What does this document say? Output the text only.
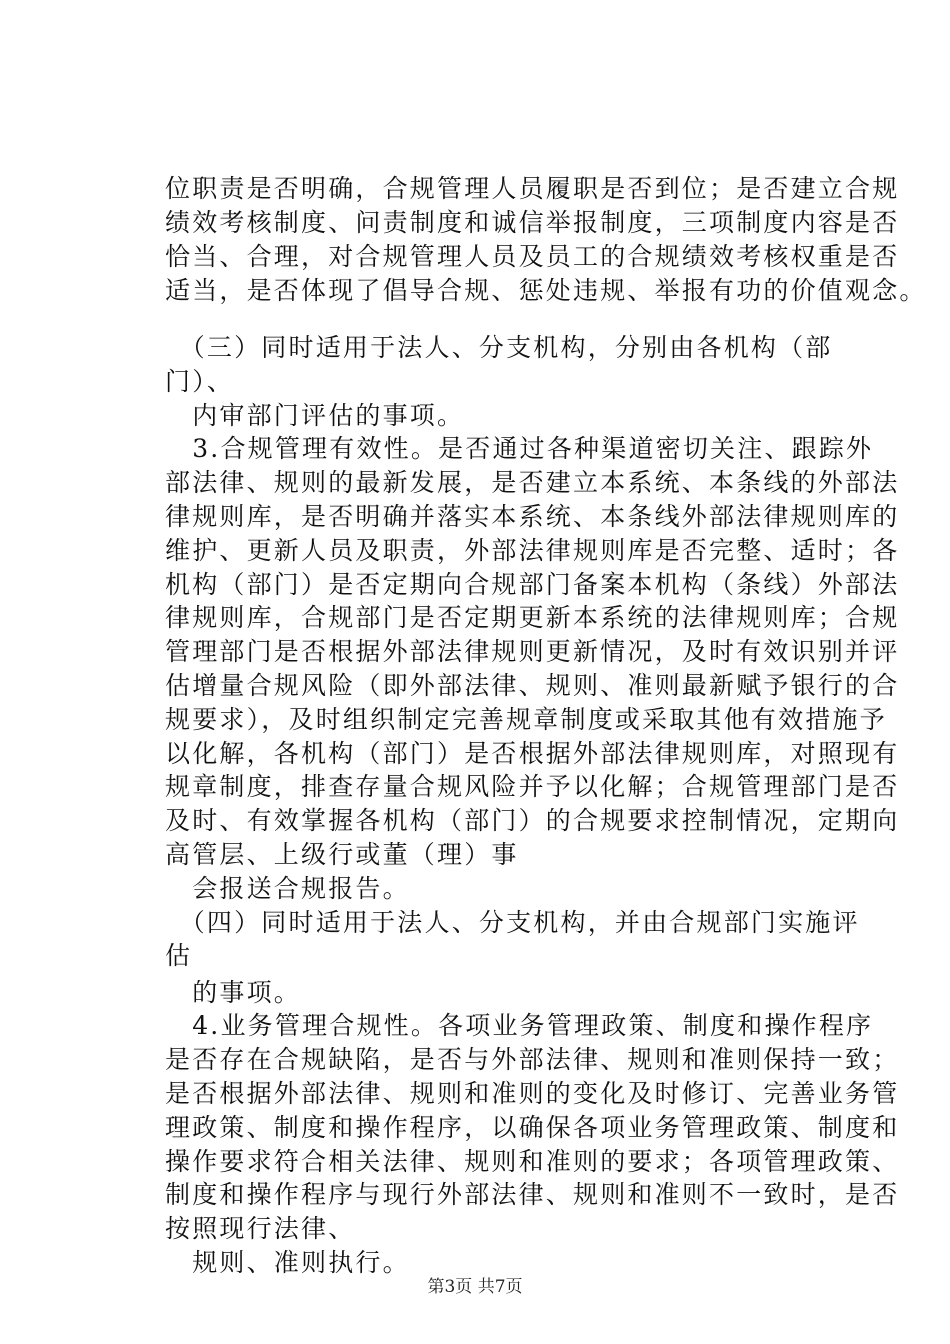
位职责是否明确，合规管理人员履职是否到位；是否建立合规
绩效考核制度、问责制度和诚信举报制度，三项制度内容是否
恰当、合理，对合规管理人员及员工的合规绩效考核权重是否
适当，是否体现了倡导合规、惩处违规、举报有功的价值观念。
　（三）同时适用于法人、分支机构，分别由各机构（部
门）、
　内审部门评估的事项。
　3.合规管理有效性。是否通过各种渠道密切关注、跟踪外
部法律、规则的最新发展，是否建立本系统、本条线的外部法
律规则库，是否明确并落实本系统、本条线外部法律规则库的
维护、更新人员及职责，外部法律规则库是否完整、适时；各
机构（部门）是否定期向合规部门备案本机构（条线）外部法
律规则库，合规部门是否定期更新本系统的法律规则库；合规
管理部门是否根据外部法律规则更新情况，及时有效识别并评
估增量合规风险（即外部法律、规则、准则最新赋予银行的合
规要求），及时组织制定完善规章制度或采取其他有效措施予
以化解，各机构（部门）是否根据外部法律规则库，对照现有
规章制度，排查存量合规风险并予以化解；合规管理部门是否
及时、有效掌握各机构（部门）的合规要求控制情况，定期向
高管层、上级行或董（理）事
　会报送合规报告。
　（四）同时适用于法人、分支机构，并由合规部门实施评
估
　的事项。
　4.业务管理合规性。各项业务管理政策、制度和操作程序
是否存在合规缺陷，是否与外部法律、规则和准则保持一致；
是否根据外部法律、规则和准则的变化及时修订、完善业务管
理政策、制度和操作程序，以确保各项业务管理政策、制度和
操作要求符合相关法律、规则和准则的要求；各项管理政策、
制度和操作程序与现行外部法律、规则和准则不一致时，是否
按照现行法律、
　规则、准则执行。
第3页 共7页
